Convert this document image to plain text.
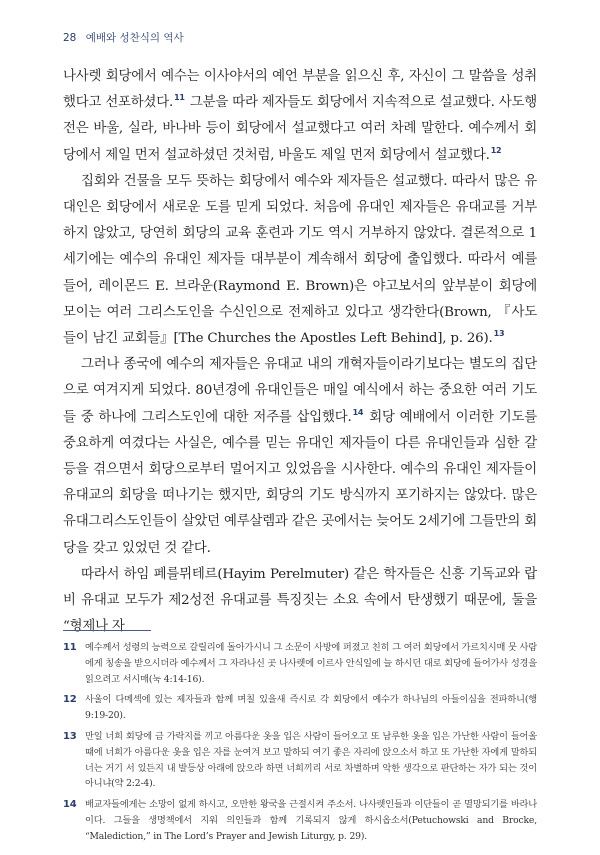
28 예배와 성찬식의 역사

나사렛 회당에서 예수는 이사야서의 예언 부분을 읽으신 후, 자신이 그 말씀을 성취했다고 선포하셨다.$^{11}$ 그분을 따라 제자들도 회당에서 지속적으로 설교했다. 사도행전은 바울, 실라, 바나바 등이 회당에서 설교했다고 여러 차례 말한다. 예수께서 회당에서 제일 먼저 설교하셨던 것처럼, 바울도 제일 먼저 회당에서 설교했다.$^{12}$

집회와 건물을 모두 뜻하는 회당에서 예수와 제자들은 설교했다. 따라서 많은 유대인은 회당에서 새로운 도를 믿게 되었다. 처음에 유대인 제자들은 유대교를 거부하지 않았고, 당연히 회당의 교육 훈련과 기도 역시 거부하지 않았다. 결론적으로 1세기에는 예수의 유대인 제자들 대부분이 계속해서 회당에 출입했다. 따라서 예를 들어, 레이몬드 E. 브라운(Raymond E. Brown)은 야고보서의 앞부분이 회당에 모이는 여러 그리스도인을 수신인으로 전제하고 있다고 생각한다(Brown, 『사도들이 남긴 교회들』[The Churches the Apostles Left Behind], p. 26).$^{13}$

그러나 종국에 예수의 제자들은 유대교 내의 개혁자들이라기보다는 별도의 집단으로 여겨지게 되었다. 80년경에 유대인들은 매일 예식에서 하는 중요한 여러 기도들 중 하나에 그리스도인에 대한 저주를 삽입했다.$^{14}$ 회당 예배에서 이러한 기도를 중요하게 여겼다는 사실은, 예수를 믿는 유대인 제자들이 다른 유대인들과 심한 갈등을 겪으면서 회당으로부터 멀어지고 있었음을 시사한다. 예수의 유대인 제자들이 유대교의 회당을 떠나기는 했지만, 회당의 기도 방식까지 포기하지는 않았다. 많은 유대그리스도인들이 살았던 예루살렘과 같은 곳에서는 늦어도 2세기에 그들만의 회당을 갖고 있었던 것 같다.

따라서 하임 페를뮈테르(Hayim Perelmuter) 같은 학자들은 신흥 기독교와 랍비 유대교 모두가 제2성전 유대교를 특징짓는 소요 속에서 탄생했기 때문에, 둘을 “형제나 자

11 예수께서 성령의 능력으로 갈릴리에 돌아가시니 그 소문이 사방에 퍼졌고 친히 그 여러 회당에서 가르치시매 뭇 사람에게 칭송을 받으시더라 예수께서 그 자라나신 곳 나사렛에 이르사 안식일에 늘 하시던 대로 회당에 들어가사 성경을 읽으려고 서시매(눅 4:14-16).
12 사울이 다메섹에 있는 제자들과 함께 며칠 있을새 즉시로 각 회당에서 예수가 하나님의 아들이심을 전파하니(행 9:19-20).
13 만일 너희 회당에 금 가락지를 끼고 아름다운 옷을 입은 사람이 들어오고 또 남루한 옷을 입은 가난한 사람이 들어올 때에 너희가 아름다운 옷을 입은 자를 눈여겨 보고 말하되 여기 좋은 자리에 앉으소서 하고 또 가난한 자에게 말하되 너는 거기 서 있든지 내 발등상 아래에 앉으라 하면 너희끼리 서로 차별하며 악한 생각으로 판단하는 자가 되는 것이 아니냐(약 2:2-4).
14 배교자들에게는 소망이 없게 하시고, 오만한 왕국을 근절시켜 주소서. 나사렛인들과 이단들이 곧 멸망되기를 바라나이다. 그들을 생명책에서 지워 의인들과 함께 기록되지 않게 하시옵소서(Petuchowski and Brocke, “Malediction,” in The Lord’s Prayer and Jewish Liturgy, p. 29).
